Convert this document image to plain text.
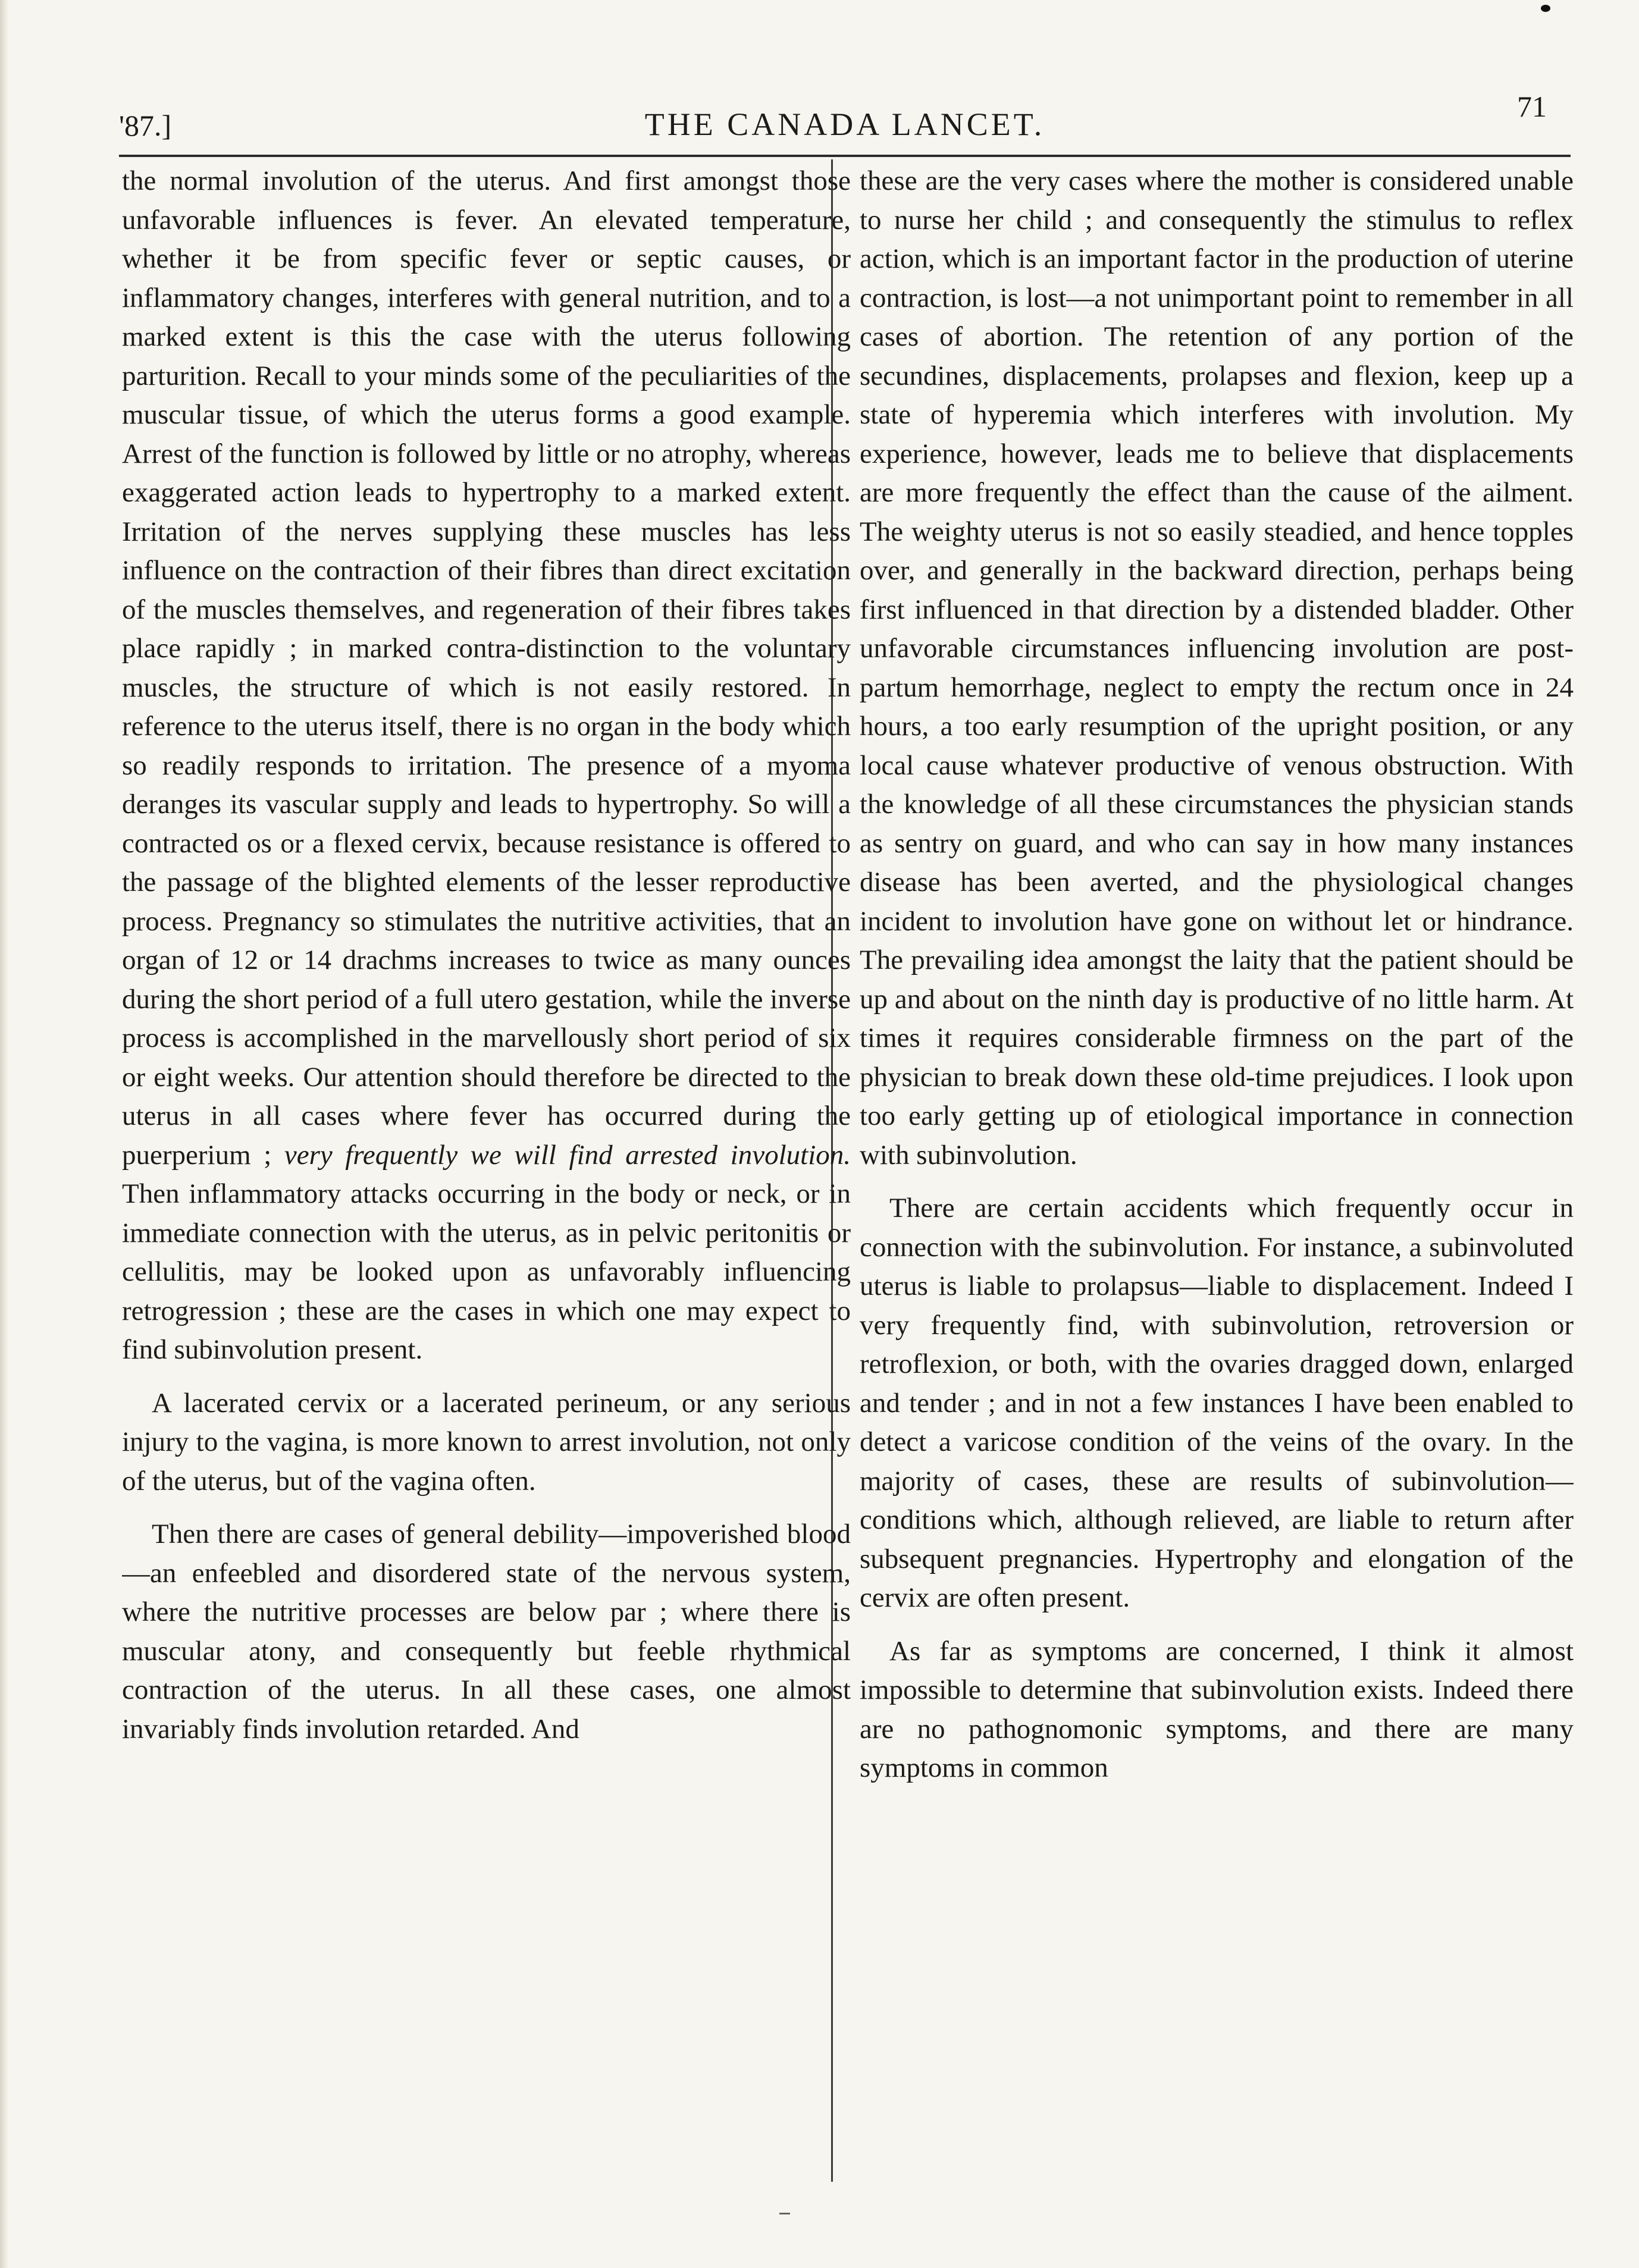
'87.]	THE CANADA LANCET.	71

the normal involution of the uterus. And first amongst those unfavorable influences is fever. An elevated temperature, whether it be from specific fever or septic causes, or inflammatory changes, interferes with general nutrition, and to a marked extent is this the case with the uterus following parturition. Recall to your minds some of the peculiarities of the muscular tissue, of which the uterus forms a good example. Arrest of the function is followed by little or no atrophy, whereas exaggerated action leads to hypertrophy to a marked extent. Irritation of the nerves supplying these muscles has less influence on the contraction of their fibres than direct excitation of the muscles themselves, and regeneration of their fibres takes place rapidly ; in marked contra-distinction to the voluntary muscles, the structure of which is not easily restored. In reference to the uterus itself, there is no organ in the body which so readily responds to irritation. The presence of a myoma deranges its vascular supply and leads to hypertrophy. So will a contracted os or a flexed cervix, because resistance is offered to the passage of the blighted elements of the lesser reproductive process. Pregnancy so stimulates the nutritive activities, that an organ of 12 or 14 drachms increases to twice as many ounces during the short period of a full utero gestation, while the inverse process is accomplished in the marvellously short period of six or eight weeks. Our attention should therefore be directed to the uterus in all cases where fever has occurred during the puerperium ; very frequently we will find arrested involution. Then inflammatory attacks occurring in the body or neck, or in immediate connection with the uterus, as in pelvic peritonitis or cellulitis, may be looked upon as unfavorably influencing retrogression ; these are the cases in which one may expect to find subinvolution present.

A lacerated cervix or a lacerated perineum, or any serious injury to the vagina, is more known to arrest involution, not only of the uterus, but of the vagina often.

Then there are cases of general debility—impoverished blood—an enfeebled and disordered state of the nervous system, where the nutritive processes are below par ; where there is muscular atony, and consequently but feeble rhythmical contraction of the uterus. In all these cases, one almost invariably finds involution retarded. And

these are the very cases where the mother is considered unable to nurse her child ; and consequently the stimulus to reflex action, which is an important factor in the production of uterine contraction, is lost—a not unimportant point to remember in all cases of abortion. The retention of any portion of the secundines, displacements, prolapses and flexion, keep up a state of hyperemia which interferes with involution. My experience, however, leads me to believe that displacements are more frequently the effect than the cause of the ailment. The weighty uterus is not so easily steadied, and hence topples over, and generally in the backward direction, perhaps being first influenced in that direction by a distended bladder. Other unfavorable circumstances influencing involution are post-partum hemorrhage, neglect to empty the rectum once in 24 hours, a too early resumption of the upright position, or any local cause whatever productive of venous obstruction. With the knowledge of all these circumstances the physician stands as sentry on guard, and who can say in how many instances disease has been averted, and the physiological changes incident to involution have gone on without let or hindrance. The prevailing idea amongst the laity that the patient should be up and about on the ninth day is productive of no little harm. At times it requires considerable firmness on the part of the physician to break down these old-time prejudices. I look upon too early getting up of etiological importance in connection with subinvolution.

There are certain accidents which frequently occur in connection with the subinvolution. For instance, a subinvoluted uterus is liable to prolapsus—liable to displacement. Indeed I very frequently find, with subinvolution, retroversion or retroflexion, or both, with the ovaries dragged down, enlarged and tender ; and in not a few instances I have been enabled to detect a varicose condition of the veins of the ovary. In the majority of cases, these are results of subinvolution—conditions which, although relieved, are liable to return after subsequent pregnancies. Hypertrophy and elongation of the cervix are often present.

As far as symptoms are concerned, I think it almost impossible to determine that subinvolution exists. Indeed there are no pathognomonic symptoms, and there are many symptoms in common
